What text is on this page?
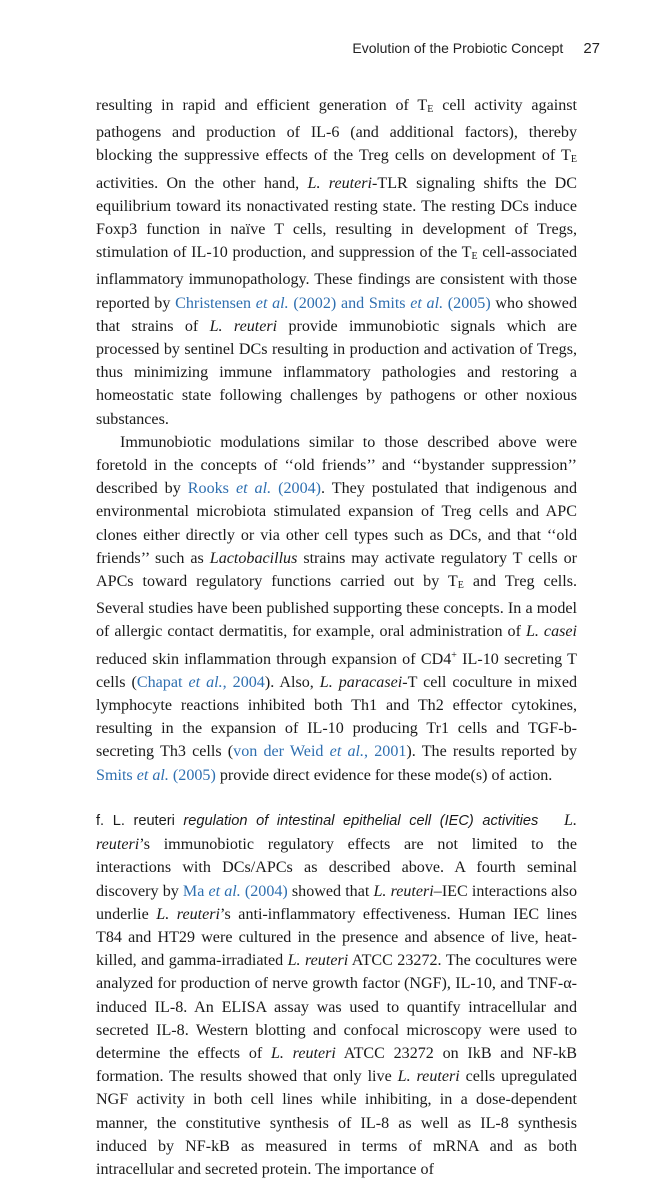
Evolution of the Probiotic Concept 27

resulting in rapid and efficient generation of $T_E$ cell activity against pathogens and production of IL-6 (and additional factors), thereby blocking the suppressive effects of the Treg cells on development of $T_E$ activities. On the other hand, L. reuteri-TLR signaling shifts the DC equilibrium toward its nonactivated resting state. The resting DCs induce Foxp3 function in naïve T cells, resulting in development of Tregs, stimulation of IL-10 production, and suppression of the $T_E$ cell-associated inflammatory immunopathology. These findings are consistent with those reported by Christensen et al. (2002) and Smits et al. (2005) who showed that strains of L. reuteri provide immunobiotic signals which are processed by sentinel DCs resulting in production and activation of Tregs, thus minimizing immune inflammatory pathologies and restoring a homeostatic state following challenges by pathogens or other noxious substances.

Immunobiotic modulations similar to those described above were foretold in the concepts of ‘‘old friends’’ and ‘‘bystander suppression’’ described by Rooks et al. (2004). They postulated that indigenous and environmental microbiota stimulated expansion of Treg cells and APC clones either directly or via other cell types such as DCs, and that ‘‘old friends’’ such as Lactobacillus strains may activate regulatory T cells or APCs toward regulatory functions carried out by $T_E$ and Treg cells. Several studies have been published supporting these concepts. In a model of allergic contact dermatitis, for example, oral administration of L. casei reduced skin inflammation through expansion of CD4+ IL-10 secreting T cells (Chapat et al., 2004). Also, L. paracasei-T cell coculture in mixed lymphocyte reactions inhibited both Th1 and Th2 effector cytokines, resulting in the expansion of IL-10 producing Tr1 cells and TGF-b-secreting Th3 cells (von der Weid et al., 2001). The results reported by Smits et al. (2005) provide direct evidence for these mode(s) of action.

f. L. reuteri regulation of intestinal epithelial cell (IEC) activities L. reuteri’s immunobiotic regulatory effects are not limited to the interactions with DCs/APCs as described above. A fourth seminal discovery by Ma et al. (2004) showed that L. reuteri–IEC interactions also underlie L. reuteri’s anti-inflammatory effectiveness. Human IEC lines T84 and HT29 were cultured in the presence and absence of live, heat-killed, and gamma-irradiated L. reuteri ATCC 23272. The cocultures were analyzed for production of nerve growth factor (NGF), IL-10, and TNF-α-induced IL-8. An ELISA assay was used to quantify intracellular and secreted IL-8. Western blotting and confocal microscopy were used to determine the effects of L. reuteri ATCC 23272 on IkB and NF-kB formation. The results showed that only live L. reuteri cells upregulated NGF activity in both cell lines while inhibiting, in a dose-dependent manner, the constitutive synthesis of IL-8 as well as IL-8 synthesis induced by NF-kB as measured in terms of mRNA and as both intracellular and secreted protein. The importance of
